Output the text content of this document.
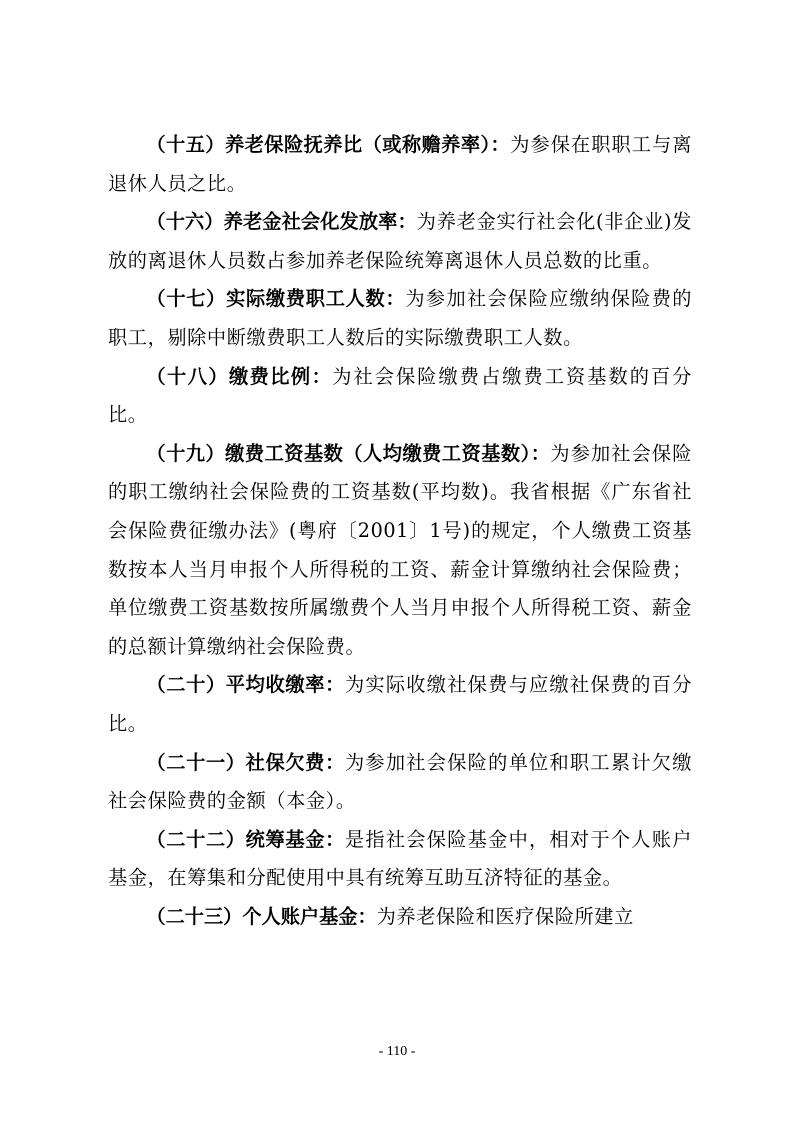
（十五）养老保险抚养比（或称赡养率）：为参保在职职工与离退休人员之比。

（十六）养老金社会化发放率：为养老金实行社会化(非企业)发放的离退休人员数占参加养老保险统筹离退休人员总数的比重。

（十七）实际缴费职工人数：为参加社会保险应缴纳保险费的职工，剔除中断缴费职工人数后的实际缴费职工人数。

（十八）缴费比例：为社会保险缴费占缴费工资基数的百分比。

（十九）缴费工资基数（人均缴费工资基数）：为参加社会保险的职工缴纳社会保险费的工资基数(平均数)。我省根据《广东省社会保险费征缴办法》(粤府〔2001〕1号)的规定，个人缴费工资基数按本人当月申报个人所得税的工资、薪金计算缴纳社会保险费；单位缴费工资基数按所属缴费个人当月申报个人所得税工资、薪金的总额计算缴纳社会保险费。

（二十）平均收缴率：为实际收缴社保费与应缴社保费的百分比。

（二十一）社保欠费：为参加社会保险的单位和职工累计欠缴社会保险费的金额（本金）。

（二十二）统筹基金：是指社会保险基金中，相对于个人账户基金，在筹集和分配使用中具有统筹互助互济特征的基金。

（二十三）个人账户基金：为养老保险和医疗保险所建立

- 110 -
